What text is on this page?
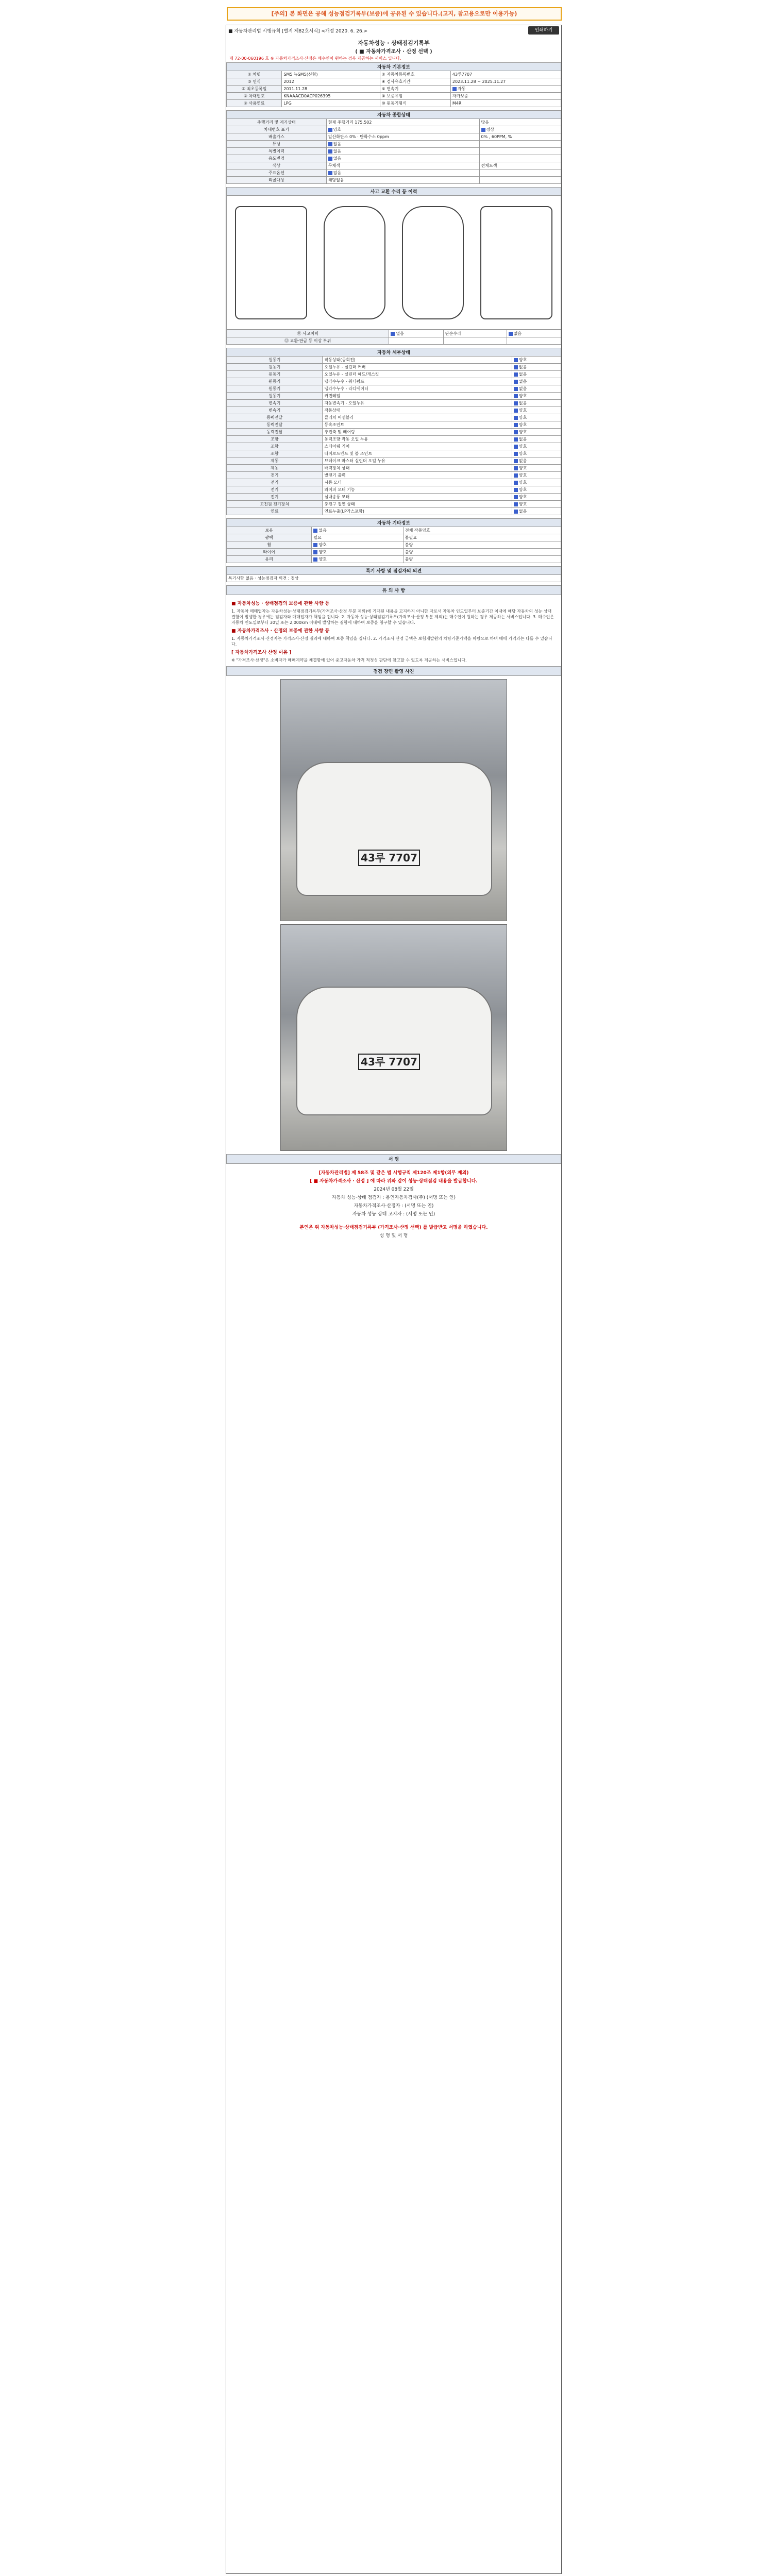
[주의] 본 화면은 공해 성능점검기록부(보증)에 공유된 수 있습니다.(고지, 참고용으로만 이용가능)
■ 자동차관리법 시행규칙 [별지 제82호서식] <개정 2020. 6. 26.>	인쇄하기
자동차성능 · 상태점검기록부
( ■ 자동차가격조사 · 산정 선택 )
제 72-00-060196 호 ※ 자동차가격조사·산정은 매수인이 원하는 경우 제공하는 서비스 입니다.
자동차 기본정보			
① 차명	SM5 뉴SM5(신형)	② 자동차등록번호	43루7707
③ 연식	2012	④ 검사유효기간	2023.11.28 ~ 2025.11.27
⑤ 최초등록일	2011.11.28	⑥ 변속기	자동
⑦ 차대번호	KNAAACD0ACP026395	⑧ 보증유형	자가보증
⑨ 사용연료	LPG	⑩ 원동기형식	M4R
자동차 종합상태		
주행거리 및 계기상태	현재 주행거리 175,502	많음
차대번호 표기	양호	정상
배출가스	일산화탄소 0% · 탄화수소 0ppm	0% , 60PPM, %
튜닝	없음	
특별이력	없음	
용도변경	없음	
색상	무채색	전체도색
주요옵션	없음	
리콜대상	해당없음	
사고 교환 수리 등 이력
⑪ 사고이력	없음	단순수리	없음
⑫ 교환·판금 등 이상 부위			
자동차 세부상태		
원동기	작동상태(공회전)	양호
원동기	오일누유 - 실린더 커버	없음
원동기	오일누유 - 실린더 헤드/개스킷	없음
원동기	냉각수누수 - 워터펌프	없음
원동기	냉각수누수 - 라디에이터	없음
원동기	커먼레일	양호
변속기	자동변속기 - 오일누유	없음
변속기	작동상태	양호
동력전달	클러치 어셈블리	양호
동력전달	등속조인트	양호
동력전달	추진축 및 베어링	양호
조향	동력조향 작동 오일 누유	없음
조향	스티어링 기어	양호
조향	타이로드엔드 및 볼 조인트	양호
제동	브레이크 마스터 실린더 오일 누유	없음
제동	배력장치 상태	양호
전기	발전기 출력	양호
전기	시동 모터	양호
전기	와이퍼 모터 기능	양호
전기	실내송풍 모터	양호
고전원 전기장치	충전구 절연 상태	양호
연료	연료누출(LP가스포함)	없음
자동차 기타정보		
보유	없음	전체 작동양호
광택	필요	불필요
휠	양호	불량
타이어	양호	불량
유리	양호	불량
특기 사항 및 점검자의 의견
특기사항 없음 · 성능점검자 의견 : 정상
유 의 사 항
■ 자동차성능 · 상태점검의 보증에 관한 사항 등

1. 자동차 매매업자는 자동차성능·상태점검기록부(가격조사·산정 부분 제외)에 기재된 내용을 고지하지 아니한 자로서 자동차 인도일부터 보증기간 이내에 해당 자동차의 성능·상태 결함이 발생한 경우에는 점검자와 매매업자가 책임을 집니다. 2. 자동차 성능·상태점검기록부(가격조사·산정 부분 제외)는 매수인이 원하는 경우 제공하는 서비스입니다. 3. 매수인은 자동차 인도일로부터 30일 또는 2,000km 이내에 발생하는 결함에 대하여 보증을 청구할 수 있습니다.

■ 자동차가격조사 · 산정의 보증에 관한 사항 등

1. 자동차가격조사·산정자는 가격조사·산정 결과에 대하여 보증 책임을 집니다. 2. 가격조사·산정 금액은 보험개발원의 차량기준가액을 바탕으로 하며 매매 가격과는 다를 수 있습니다.

[ 자동차가격조사 산정 이유 ]

※ "가격조사·산정"은 소비자가 매매계약을 체결함에 있어 중고자동차 가격 적정성 판단에 참고할 수 있도록 제공하는 서비스입니다.

점검 장면 촬영 사진
43루 7707
43루 7707
서 명
[자동차관리법] 제 58조 및 같은 법 시행규칙 제120조 제1항(의무 제외)
[ ■ 자동차가격조사 · 산정 ] 에 따라 위와 같이 성능·상태점검 내용을 발급합니다.
2024년 08월 22일
자동차 성능·상태 점검자 : 용인자동차검사(주) (서명 또는 인)
자동차가격조사·산정자 : (서명 또는 인)
자동차 성능·상태 고지자 : (서명 또는 인)
본인은 위 자동차성능·상태점검기록부 (가격조사·산정 선택) 를 발급받고 서명을 하였습니다.
성 명 및 서 명
